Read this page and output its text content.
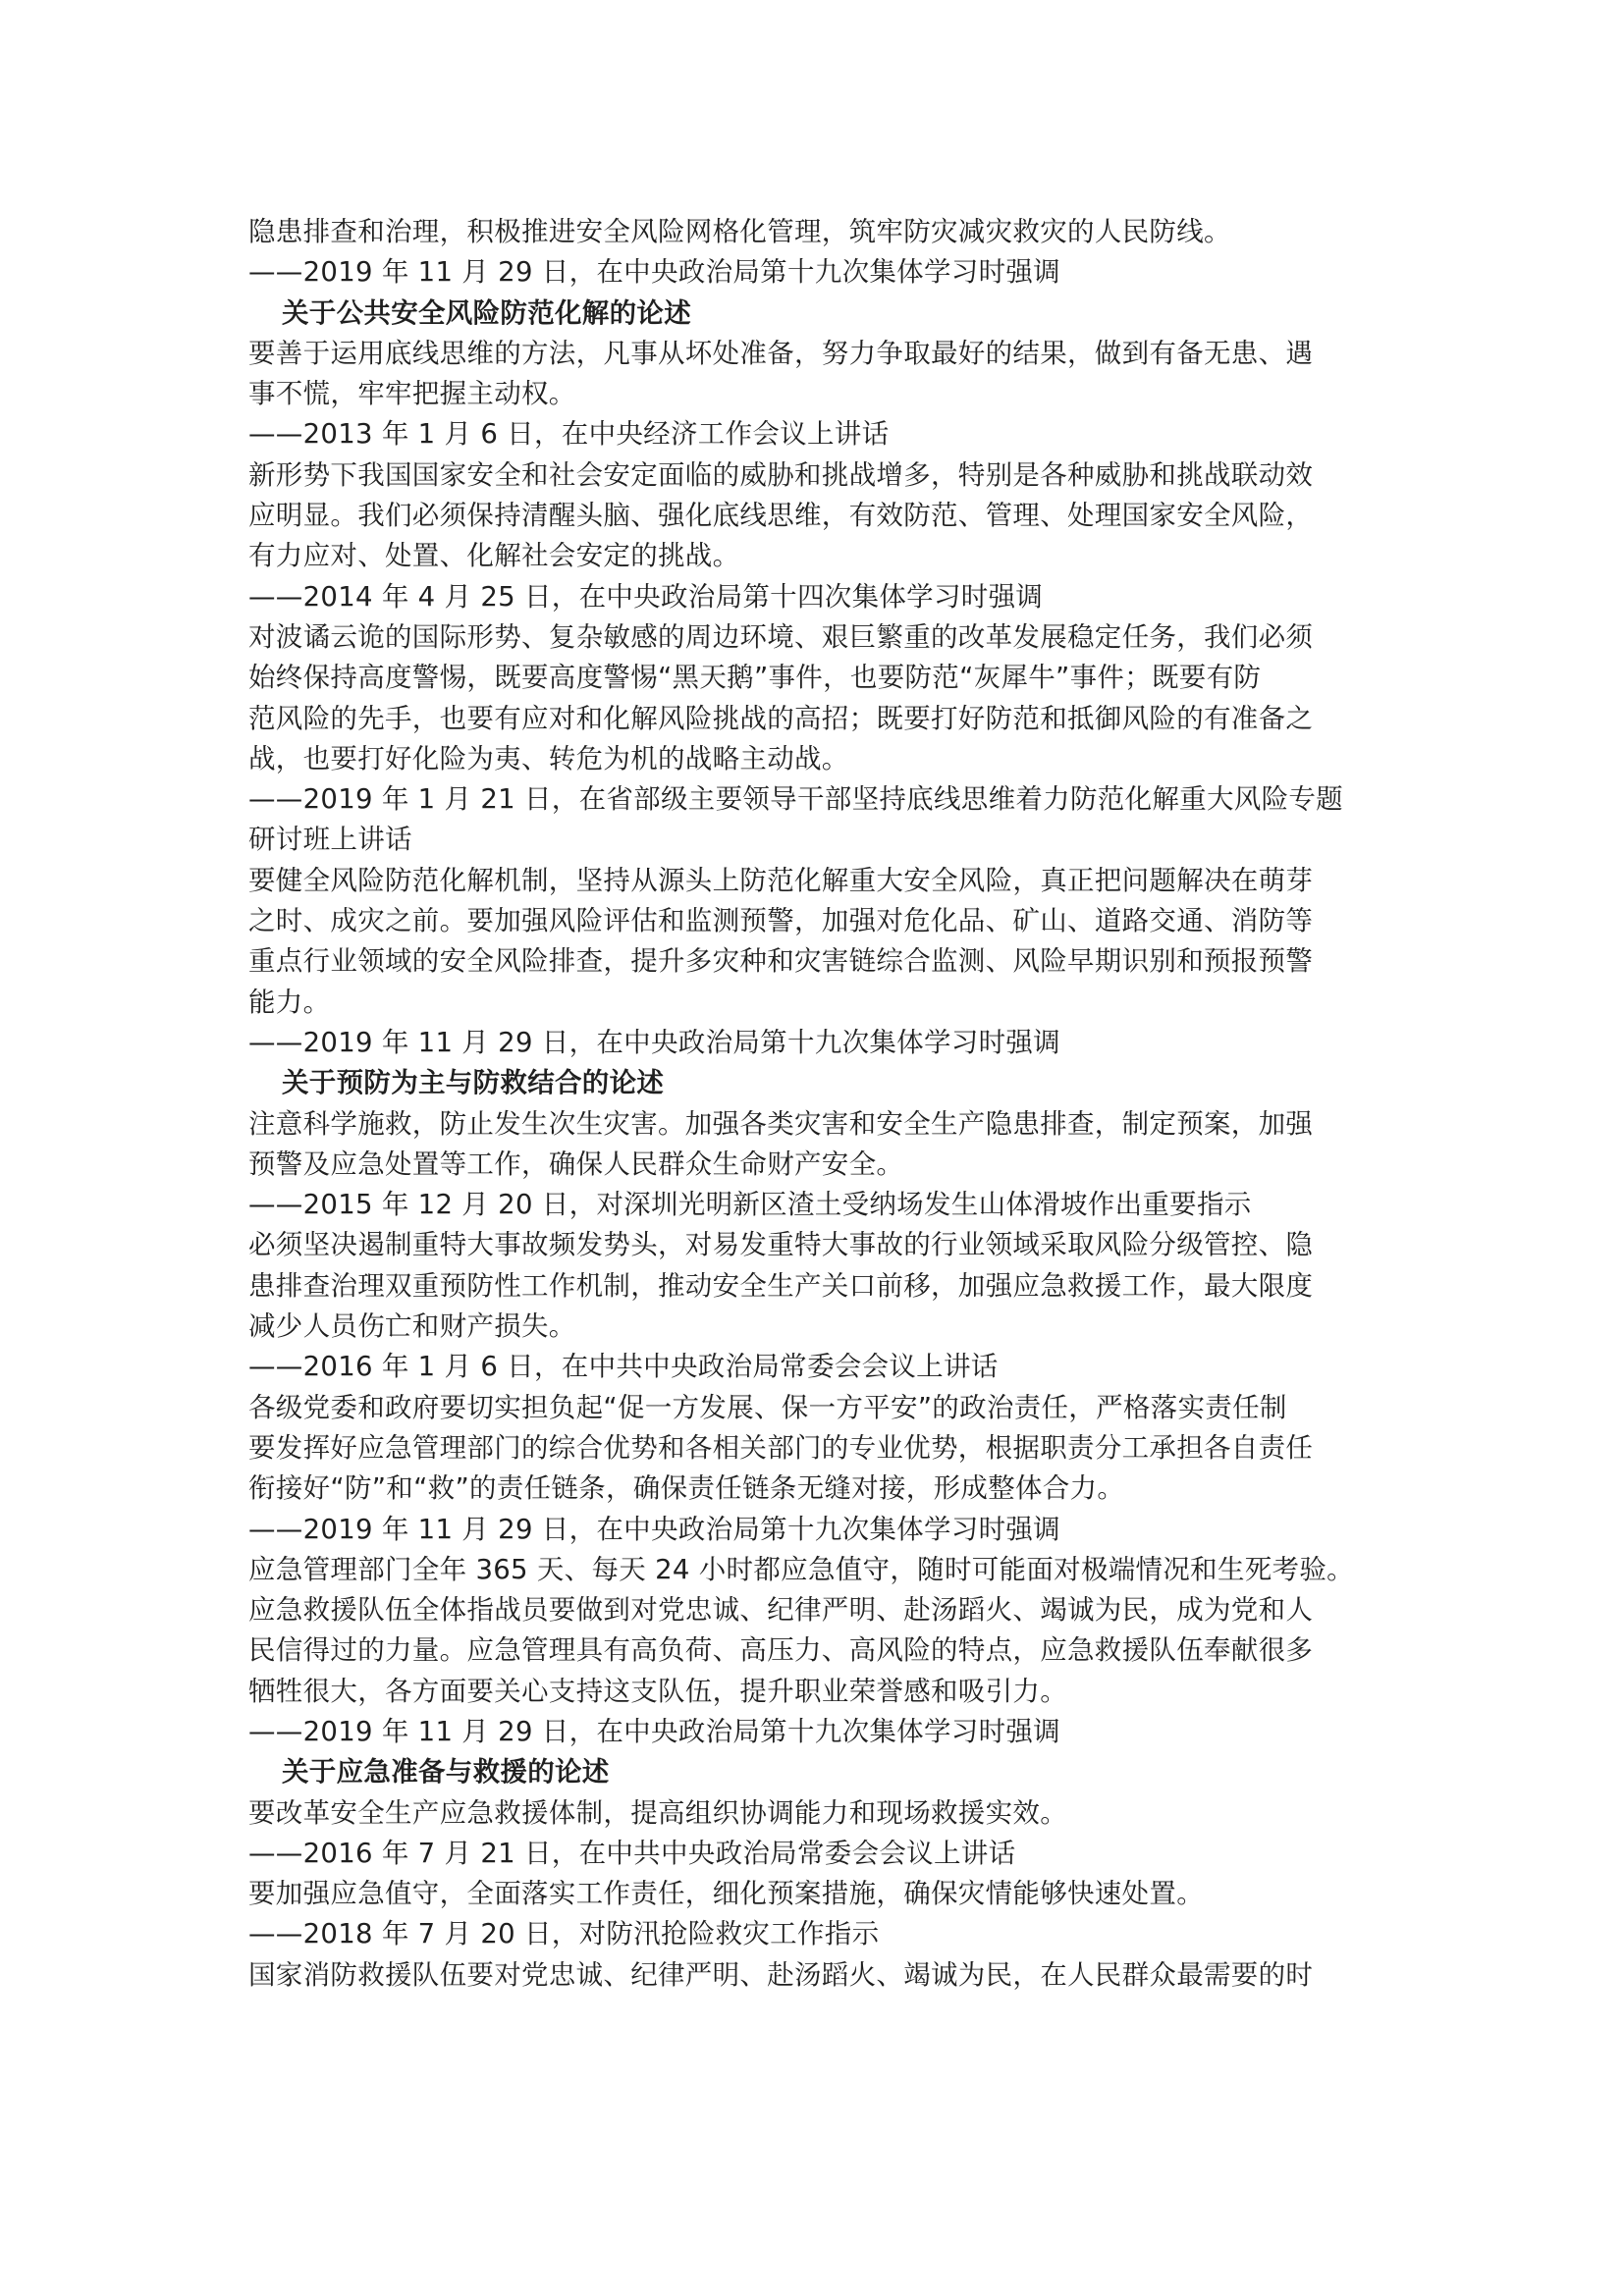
隐患排查和治理，积极推进安全风险网格化管理，筑牢防灾减灾救灾的人民防线。
——2019 年 11 月 29 日，在中央政治局第十九次集体学习时强调
关于公共安全风险防范化解的论述
要善于运用底线思维的方法，凡事从坏处准备，努力争取最好的结果，做到有备无患、遇
事不慌，牢牢把握主动权。
——2013 年 1 月 6 日，在中央经济工作会议上讲话
新形势下我国国家安全和社会安定面临的威胁和挑战增多，特别是各种威胁和挑战联动效
应明显。我们必须保持清醒头脑、强化底线思维，有效防范、管理、处理国家安全风险，
有力应对、处置、化解社会安定的挑战。
——2014 年 4 月 25 日，在中央政治局第十四次集体学习时强调
对波谲云诡的国际形势、复杂敏感的周边环境、艰巨繁重的改革发展稳定任务，我们必须
始终保持高度警惕，既要高度警惕“黑天鹅”事件，也要防范“灰犀牛”事件；既要有防
范风险的先手，也要有应对和化解风险挑战的高招；既要打好防范和抵御风险的有准备之
战，也要打好化险为夷、转危为机的战略主动战。
——2019 年 1 月 21 日，在省部级主要领导干部坚持底线思维着力防范化解重大风险专题
研讨班上讲话
要健全风险防范化解机制，坚持从源头上防范化解重大安全风险，真正把问题解决在萌芽
之时、成灾之前。要加强风险评估和监测预警，加强对危化品、矿山、道路交通、消防等
重点行业领域的安全风险排查，提升多灾种和灾害链综合监测、风险早期识别和预报预警
能力。
——2019 年 11 月 29 日，在中央政治局第十九次集体学习时强调
关于预防为主与防救结合的论述
注意科学施救，防止发生次生灾害。加强各类灾害和安全生产隐患排查，制定预案，加强
预警及应急处置等工作，确保人民群众生命财产安全。
——2015 年 12 月 20 日，对深圳光明新区渣土受纳场发生山体滑坡作出重要指示
必须坚决遏制重特大事故频发势头，对易发重特大事故的行业领域采取风险分级管控、隐
患排查治理双重预防性工作机制，推动安全生产关口前移，加强应急救援工作，最大限度
减少人员伤亡和财产损失。
——2016 年 1 月 6 日，在中共中央政治局常委会会议上讲话
各级党委和政府要切实担负起“促一方发展、保一方平安”的政治责任，严格落实责任制
要发挥好应急管理部门的综合优势和各相关部门的专业优势，根据职责分工承担各自责任
衔接好“防”和“救”的责任链条，确保责任链条无缝对接，形成整体合力。
——2019 年 11 月 29 日，在中央政治局第十九次集体学习时强调
应急管理部门全年 365 天、每天 24 小时都应急值守，随时可能面对极端情况和生死考验。
应急救援队伍全体指战员要做到对党忠诚、纪律严明、赴汤蹈火、竭诚为民，成为党和人
民信得过的力量。应急管理具有高负荷、高压力、高风险的特点，应急救援队伍奉献很多
牺牲很大，各方面要关心支持这支队伍，提升职业荣誉感和吸引力。
——2019 年 11 月 29 日，在中央政治局第十九次集体学习时强调
关于应急准备与救援的论述
要改革安全生产应急救援体制，提高组织协调能力和现场救援实效。
——2016 年 7 月 21 日，在中共中央政治局常委会会议上讲话
要加强应急值守，全面落实工作责任，细化预案措施，确保灾情能够快速处置。
——2018 年 7 月 20 日，对防汛抢险救灾工作指示
国家消防救援队伍要对党忠诚、纪律严明、赴汤蹈火、竭诚为民，在人民群众最需要的时
